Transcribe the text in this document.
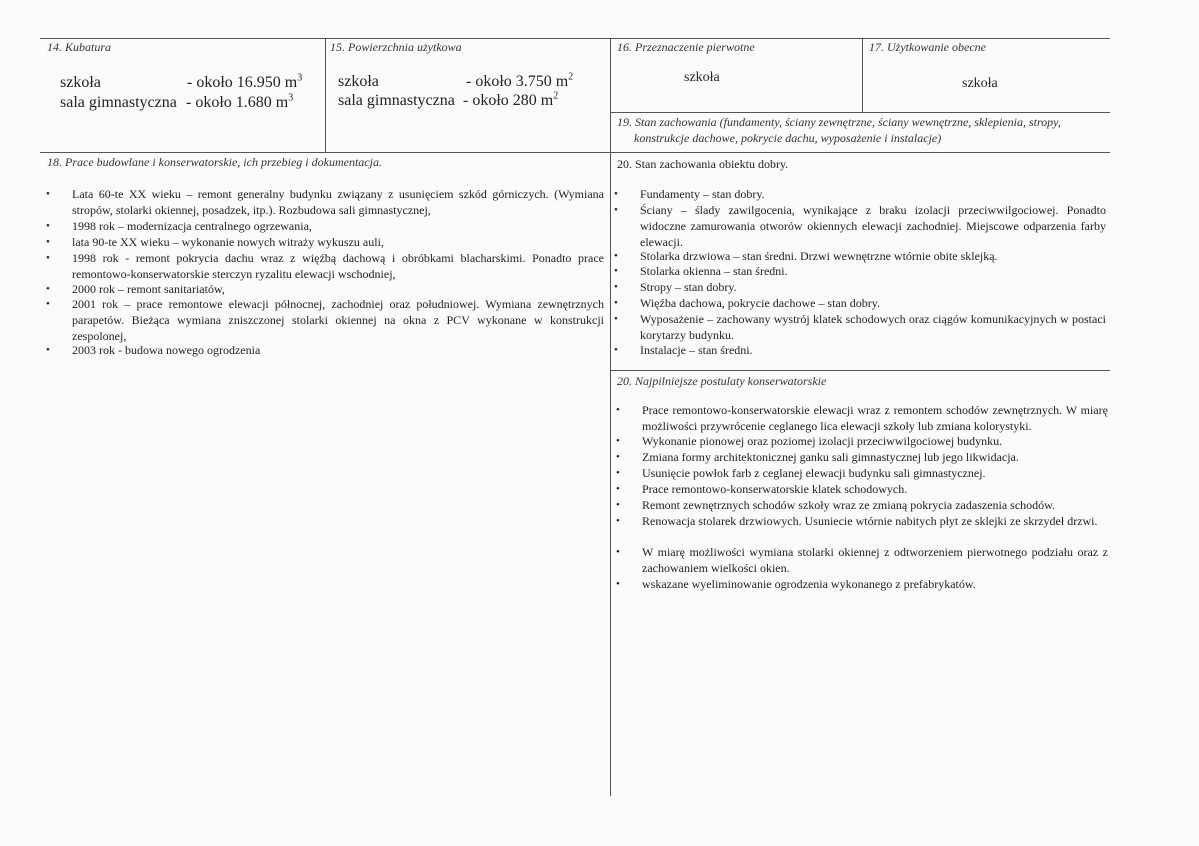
14. Kubatura
szkoła	- około 16.950 $m^3$
sala gimnastyczna - około 1.680 $m^3$
15. Powierzchnia użytkowa
szkoła	- około 3.750 $m^2$
sala gimnastyczna - około 280 $m^2$
16. Przeznaczenie pierwotne
szkoła
17. Użytkowanie obecne
szkoła
19. Stan zachowania (fundamenty, ściany zewnętrzne, ściany wewnętrzne, sklepienia, stropy,
konstrukcje dachowe, pokrycie dachu, wyposażenie i instalacje)
18. Prace budowlane i konserwatorskie, ich przebieg i dokumentacja.
• Lata 60-te XX wieku – remont generalny budynku związany z usunięciem szkód górniczych. (Wymiana stropów, stolarki okiennej, posadzek, itp.). Rozbudowa sali gimnastycznej,
• 1998 rok – modernizacja centralnego ogrzewania,
• lata 90-te XX wieku – wykonanie nowych witraży wykuszu auli,
• 1998 rok - remont pokrycia dachu wraz z więźbą dachową i obróbkami blacharskimi. Ponadto prace remontowo-konserwatorskie sterczyn ryzalitu elewacji wschodniej,
• 2000 rok – remont sanitariatów,
• 2001 rok – prace remontowe elewacji północnej, zachodniej oraz południowej. Wymiana zewnętrznych parapetów. Bieżąca wymiana zniszczonej stolarki okiennej na okna z PCV wykonane w konstrukcji zespolonej,
• 2003 rok - budowa nowego ogrodzenia
20. Stan zachowania obiektu dobry.
• Fundamenty – stan dobry.
• Ściany – ślady zawilgocenia, wynikające z braku izolacji przeciwwilgociowej. Ponadto widoczne zamurowania otworów okiennych elewacji zachodniej. Miejscowe odparzenia farby elewacji.
• Stolarka drzwiowa – stan średni. Drzwi wewnętrzne wtórnie obite sklejką.
• Stolarka okienna – stan średni.
• Stropy – stan dobry.
• Więźba dachowa, pokrycie dachowe – stan dobry.
• Wyposażenie – zachowany wystrój klatek schodowych oraz ciągów komunikacyjnych w postaci korytarzy budynku.
• Instalacje – stan średni.
20. Najpilniejsze postulaty konserwatorskie
• Prace remontowo-konserwatorskie elewacji wraz z remontem schodów zewnętrznych. W miarę możliwości przywrócenie ceglanego lica elewacji szkoły lub zmiana kolorystyki.
• Wykonanie pionowej oraz poziomej izolacji przeciwwilgociowej budynku.
• Zmiana formy architektonicznej ganku sali gimnastycznej lub jego likwidacja.
• Usunięcie powłok farb z ceglanej elewacji budynku sali gimnastycznej.
• Prace remontowo-konserwatorskie klatek schodowych.
• Remont zewnętrznych schodów szkoły wraz ze zmianą pokrycia zadaszenia schodów.
• Renowacja stolarek drzwiowych. Usuniecie wtórnie nabitych płyt ze sklejki ze skrzydeł drzwi.
• W miarę możliwości wymiana stolarki okiennej z odtworzeniem pierwotnego podziału oraz z zachowaniem wielkości okien.
• wskazane wyeliminowanie ogrodzenia wykonanego z prefabrykatów.
